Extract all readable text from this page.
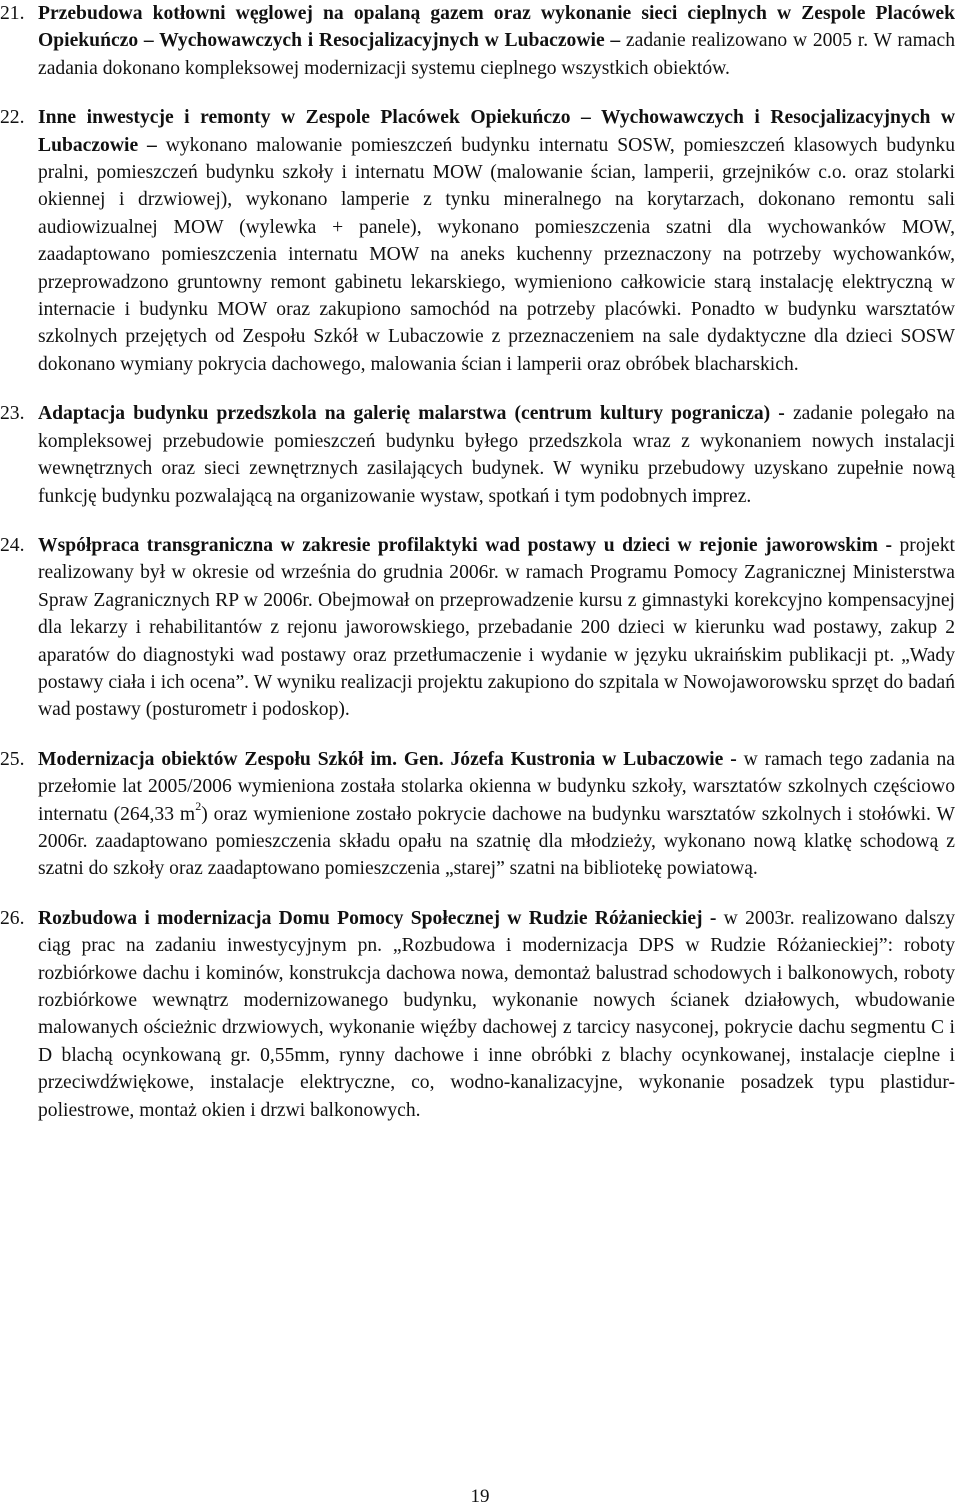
21. Przebudowa kotłowni węglowej na opalaną gazem oraz wykonanie sieci cieplnych w Zespole Placówek Opiekuńczo – Wychowawczych i Resocjalizacyjnych w Lubaczowie – zadanie realizowano w 2005 r. W ramach zadania dokonano kompleksowej modernizacji systemu cieplnego wszystkich obiektów.
22. Inne inwestycje i remonty w Zespole Placówek Opiekuńczo – Wychowawczych i Resocjalizacyjnych w Lubaczowie – wykonano malowanie pomieszczeń budynku internatu SOSW, pomieszczeń klasowych budynku pralni, pomieszczeń budynku szkoły i internatu MOW (malowanie ścian, lamperii, grzejników c.o. oraz stolarki okiennej i drzwiowej), wykonano lamperie z tynku mineralnego na korytarzach, dokonano remontu sali audiowizualnej MOW (wylewka + panele), wykonano pomieszczenia szatni dla wychowanków MOW, zaadaptowano pomieszczenia internatu MOW na aneks kuchenny przeznaczony na potrzeby wychowanków, przeprowadzono gruntowny remont gabinetu lekarskiego, wymieniono całkowicie starą instalację elektryczną w internacie i budynku MOW oraz zakupiono samochód na potrzeby placówki. Ponadto w budynku warsztatów szkolnych przejętych od Zespołu Szkół w Lubaczowie z przeznaczeniem na sale dydaktyczne dla dzieci SOSW dokonano wymiany pokrycia dachowego, malowania ścian i lamperii oraz obróbek blacharskich.
23. Adaptacja budynku przedszkola na galerię malarstwa (centrum kultury pogranicza) - zadanie polegało na kompleksowej przebudowie pomieszczeń budynku byłego przedszkola wraz z wykonaniem nowych instalacji wewnętrznych oraz sieci zewnętrznych zasilających budynek. W wyniku przebudowy uzyskano zupełnie nową funkcję budynku pozwalającą na organizowanie wystaw, spotkań i tym podobnych imprez.
24. Współpraca transgraniczna w zakresie profilaktyki wad postawy u dzieci w rejonie jaworowskim - projekt realizowany był w okresie od września do grudnia 2006r. w ramach Programu Pomocy Zagranicznej Ministerstwa Spraw Zagranicznych RP w 2006r. Obejmował on przeprowadzenie kursu z gimnastyki korekcyjno kompensacyjnej dla lekarzy i rehabilitantów z rejonu jaworowskiego, przebadanie 200 dzieci w kierunku wad postawy, zakup 2 aparatów do diagnostyki wad postawy oraz przetłumaczenie i wydanie w języku ukraińskim publikacji pt. „Wady postawy ciała i ich ocena”. W wyniku realizacji projektu zakupiono do szpitala w Nowojaworowsku sprzęt do badań wad postawy (posturometr i podoskop).
25. Modernizacja obiektów Zespołu Szkół im. Gen. Józefa Kustronia w Lubaczowie - w ramach tego zadania na przełomie lat 2005/2006 wymieniona została stolarka okienna w budynku szkoły, warsztatów szkolnych częściowo internatu (264,33 $m^2$) oraz wymienione zostało pokrycie dachowe na budynku warsztatów szkolnych i stołówki. W 2006r. zaadaptowano pomieszczenia składu opału na szatnię dla młodzieży, wykonano nową klatkę schodową z szatni do szkoły oraz zaadaptowano pomieszczenia „starej” szatni na bibliotekę powiatową.
26. Rozbudowa i modernizacja Domu Pomocy Społecznej w Rudzie Różanieckiej - w 2003r. realizowano dalszy ciąg prac na zadaniu inwestycyjnym pn. „Rozbudowa i modernizacja DPS w Rudzie Różanieckiej”: roboty rozbiórkowe dachu i kominów, konstrukcja dachowa nowa, demontaż balustrad schodowych i balkonowych, roboty rozbiórkowe wewnątrz modernizowanego budynku, wykonanie nowych ścianek działowych, wbudowanie malowanych ościeżnic drzwiowych, wykonanie więźby dachowej z tarcicy nasyconej, pokrycie dachu segmentu C i D blachą ocynkowaną gr. 0,55mm, rynny dachowe i inne obróbki z blachy ocynkowanej, instalacje cieplne i przeciwdźwiękowe, instalacje elektryczne, co, wodno-kanalizacyjne, wykonanie posadzek typu plastidur-poliestrowe, montaż okien i drzwi balkonowych.
19
